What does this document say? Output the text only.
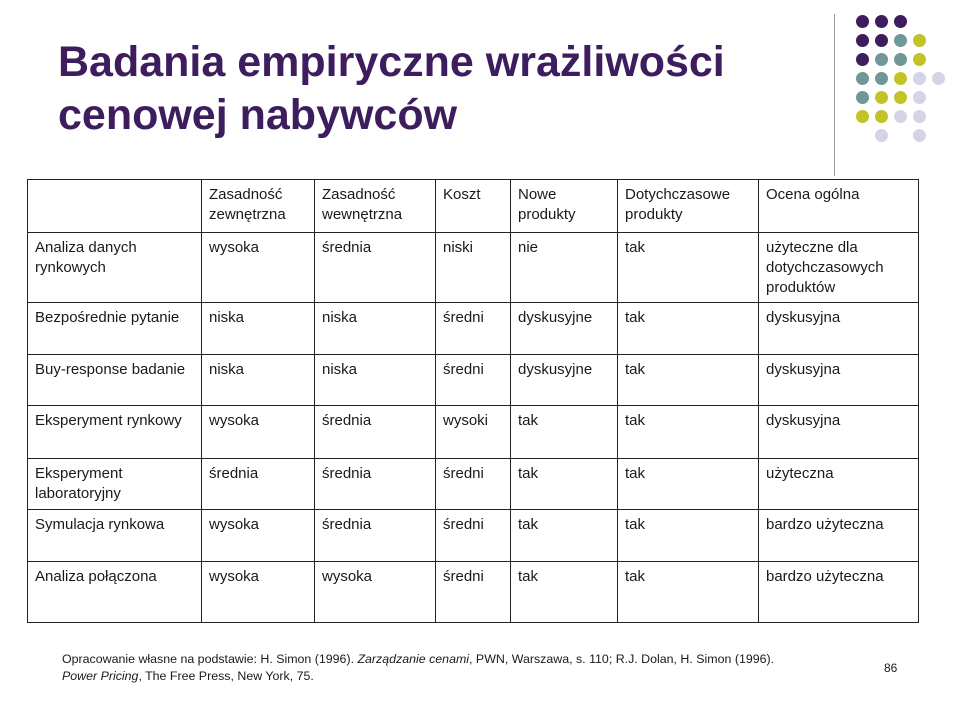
Badania empiryczne wrażliwości cenowej nabywców
	Zasadność zewnętrzna	Zasadność wewnętrzna	Koszt	Nowe produkty	Dotychczasowe produkty	Ocena ogólna
Analiza danych rynkowych	wysoka	średnia	niski	nie	tak	użyteczne dla dotychczasowych produktów
Bezpośrednie pytanie	niska	niska	średni	dyskusyjne	tak	dyskusyjna
Buy-response badanie	niska	niska	średni	dyskusyjne	tak	dyskusyjna
Eksperyment rynkowy	wysoka	średnia	wysoki	tak	tak	dyskusyjna
Eksperyment laboratoryjny	średnia	średnia	średni	tak	tak	użyteczna
Symulacja rynkowa	wysoka	średnia	średni	tak	tak	bardzo użyteczna
Analiza połączona	wysoka	wysoka	średni	tak	tak	bardzo użyteczna
Opracowanie własne na podstawie: H. Simon (1996). Zarządzanie cenami, PWN, Warszawa, s. 110; R.J. Dolan, H. Simon (1996). Power Pricing, The Free Press, New York, 75.
86
